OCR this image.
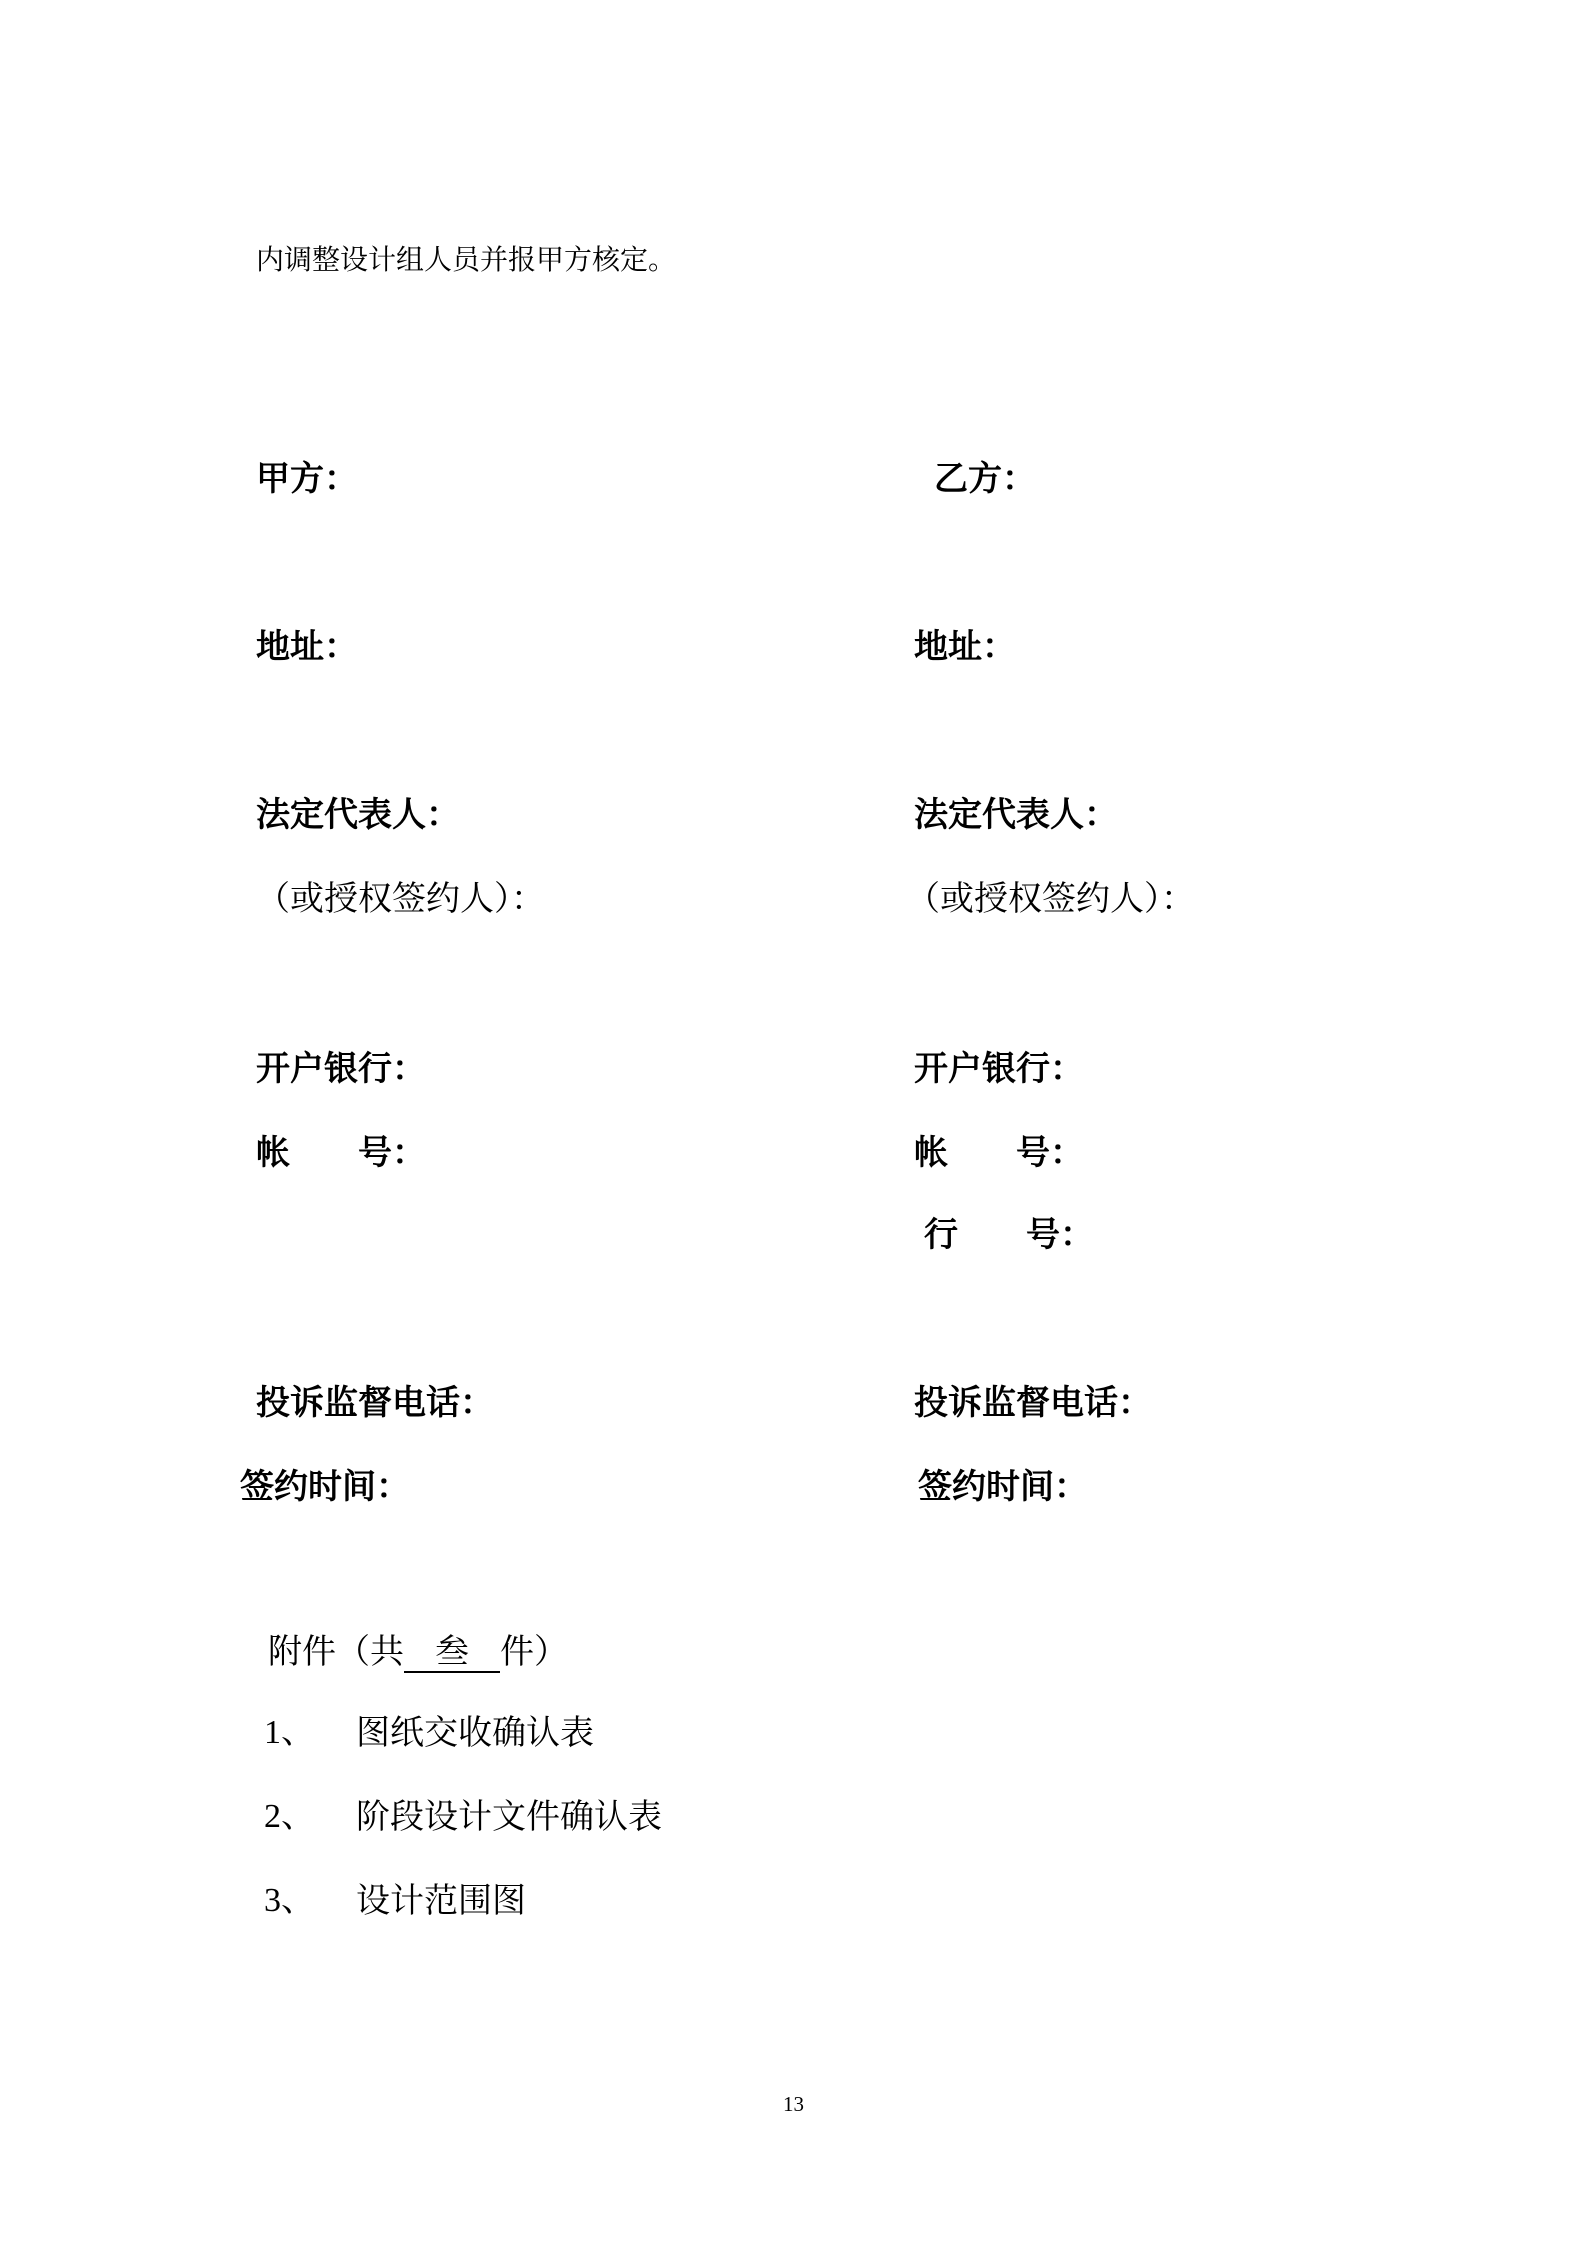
内调整设计组人员并报甲方核定。
甲方：
地址：
法定代表人：
（或授权签约人）：
开户银行：
帐　　号：
投诉监督电话：
签约时间：
乙方：
地址：
法定代表人：
（或授权签约人）：
开户银行：
帐　　号：
行　　号：
投诉监督电话：
签约时间：
附件（共 叁 件）
1、 图纸交收确认表
2、 阶段设计文件确认表
3、 设计范围图
13
